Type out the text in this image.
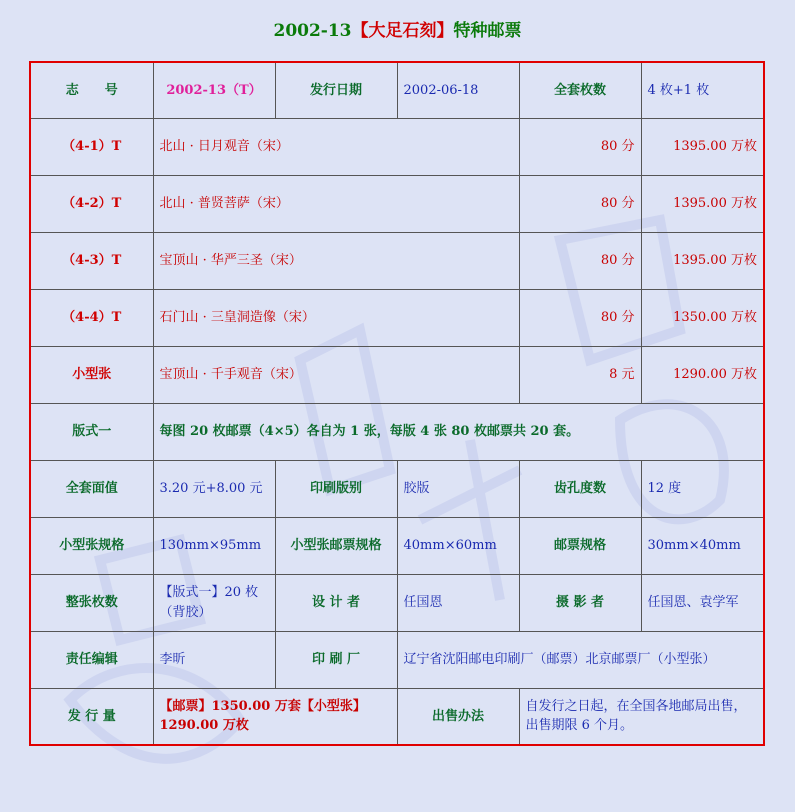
2002-13【大足石刻】特种邮票
志　　号	2002-13（T）	发行日期	2002-06-18	全套枚数	4 枚+1 枚
（4-1）T	北山 · 日月观音（宋）			80 分	1395.00 万枚
（4-2）T	北山 · 普贤菩萨（宋）			80 分	1395.00 万枚
（4-3）T	宝顶山 · 华严三圣（宋）			80 分	1395.00 万枚
（4-4）T	石门山 · 三皇洞造像（宋）			80 分	1350.00 万枚
小型张	宝顶山 · 千手观音（宋）			8 元	1290.00 万枚
版式一	每图 20 枚邮票（4×5）各自为 1 张，每版 4 张 80 枚邮票共 20 套。				
全套面值	3.20 元+8.00 元	印刷版别	胶版	齿孔度数	12 度
小型张规格	130mm×95mm	小型张邮票规格	40mm×60mm	邮票规格	30mm×40mm
整张枚数	【版式一】20 枚（背胶）	设 计 者	任国恩	摄 影 者	任国恩、袁学军
责任编辑	李昕	印 刷 厂	辽宁省沈阳邮电印刷厂（邮票）北京邮票厂（小型张）		
发 行 量	【邮票】1350.00 万套【小型张】1290.00 万枚		出售办法	自发行之日起，在全国各地邮局出售，出售期限 6 个月。	
